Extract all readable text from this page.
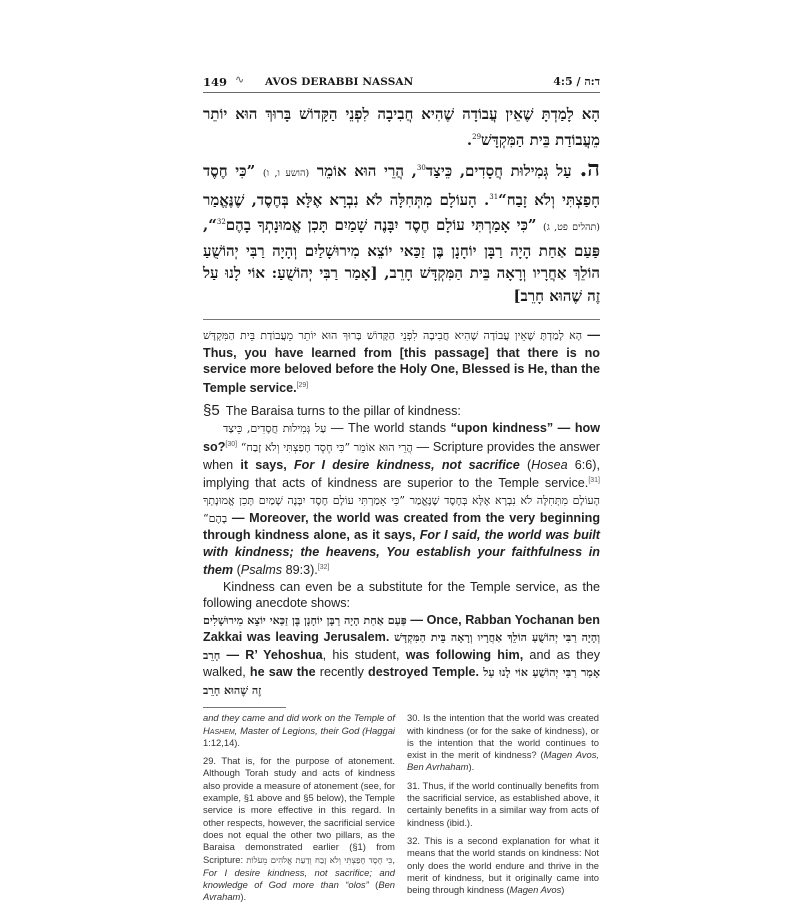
149 ∿ AVOS DERABBI NASSAN	4:5 / ד:ה
הָא לָמַדְתָּ שֶׁאֵין עֲבוֹדָה שֶׁהִיא חֲבִיבָה לִפְנֵי הַקָּדוֹשׁ בָּרוּךְ הוּא יוֹתֵר מֵעֲבוֹדַת בֵּית הַמִּקְדָּשׁ$^{29}$.
ה.עַל גְּמִילוּת חֲסָדִים, כֵּיצַד$^{30}$, הֲרֵי הוּא אוֹמֵר (הושע ו, ו) ”כִּי חֶסֶד חָפַצְתִּי וְלֹא זָבַח“$^{31}$. הָעוֹלָם מִתְּחִלָּה לֹא נִבְרָא אֶלָּא בְּחֶסֶד, שֶׁנֶּאֱמַר (תהלים פט, ג) ”כִּי אָמַרְתִּי עוֹלָם חֶסֶד יִבָּנֶה שָׁמַיִם תָּכִן אֱמוּנָתְךָ בָהֶם$^{32}$“, פַּעַם אַחַת הָיָה רַבָּן יוֹחָנָן בֶּן זַכַּאי יוֹצֵא מִירוּשָׁלַיִם וְהָיָה רַבִּי יְהוֹשֻׁעַ הוֹלֵךְ אַחֲרָיו וְרָאָה בֵּית הַמִּקְדָּשׁ חָרֵב, [אָמַר רַבִּי יְהוֹשֻׁעַ: אוֹי לָנוּ עַל זֶה שֶׁהוּא חָרֵב]
הָא לָמַדְתָּ שֶׁאֵין עֲבוֹדָה שֶׁהִיא חֲבִיבָה לִפְנֵי הַקָּדוֹשׁ בָּרוּךְ הוּא יוֹתֵר מֵעֲבוֹדַת בֵּית הַמִּקְדָּשׁ — Thus, you have learned from [this passage] that there is no service more beloved before the Holy One, Blessed is He, than the Temple service.[29]
§5 The Baraisa turns to the pillar of kindness:
עַל גְּמִילוּת חֲסָדִים, כֵּיצַד — The world stands “upon kindness” — how so?[30] הֲרֵי הוּא אוֹמֵר ”כִּי חֶסֶד חָפַצְתִּי וְלֹא זָבַח“ — Scripture provides the answer when it says, For I desire kindness, not sacrifice (Hosea 6:6), implying that acts of kindness are superior to the Temple service.[31] הָעוֹלָם מִתְּחִלָּה לֹא נִבְרָא אֶלָּא בְּחֶסֶד שֶׁנֶּאֱמַר ”כִּי אָמַרְתִּי עוֹלָם חֶסֶד יִבָּנֶה שָׁמַיִם תָּכִן אֱמוּנָתְךָ בָהֶם“ — Moreover, the world was created from the very beginning through kindness alone, as it says, For I said, the world was built with kindness; the heavens, You establish your faithfulness in them (Psalms 89:3).[32]
Kindness can even be a substitute for the Temple service, as the following anecdote shows:
פַּעַם אַחַת הָיָה רַבָּן יוֹחָנָן בֶּן זַכַּאי יוֹצֵא מִירוּשָׁלִים — Once, Rabban Yochanan ben Zakkai was leaving Jerusalem. וְהָיָה רַבִּי יְהוֹשֻׁעַ הוֹלֵךְ אַחֲרָיו וְרָאָה בֵּית הַמִּקְדָּשׁ חָרֵב — R’ Yehoshua, his student, was following him, and as they walked, he saw the recently destroyed Temple. אָמַר רַבִּי יְהוֹשֻׁעַ אוֹי לָנוּ עַל זֶה שֶׁהוּא חָרֵב

and they came and did work on the Temple of Hashem, Master of Legions, their God (Haggai 1:12,14).

29. That is, for the purpose of atonement. Although Torah study and acts of kindness also provide a measure of atonement (see, for example, §1 above and §5 below), the Temple service is more effective in this regard. In other respects, however, the sacrificial service does not equal the other two pillars, as the Baraisa demonstrated earlier (§1) from Scripture: כִּי חֶסֶד חָפַצְתִּי וְלֹא זָבַח וְדַעַת אֱלֹהִים מֵעֹלוֹת, For I desire kindness, not sacrifice; and knowledge of God more than “olos” (Ben Avraham).

30. Is the intention that the world was created with kindness (or for the sake of kindness), or is the intention that the world continues to exist in the merit of kindness? (Magen Avos, Ben Avrhaham).

31. Thus, if the world continually benefits from the sacrificial service, as established above, it certainly benefits in a similar way from acts of kindness (ibid.).

32. This is a second explanation for what it means that the world stands on kindness: Not only does the world endure and thrive in the merit of kindness, but it originally came into being through kindness (Magen Avos)
